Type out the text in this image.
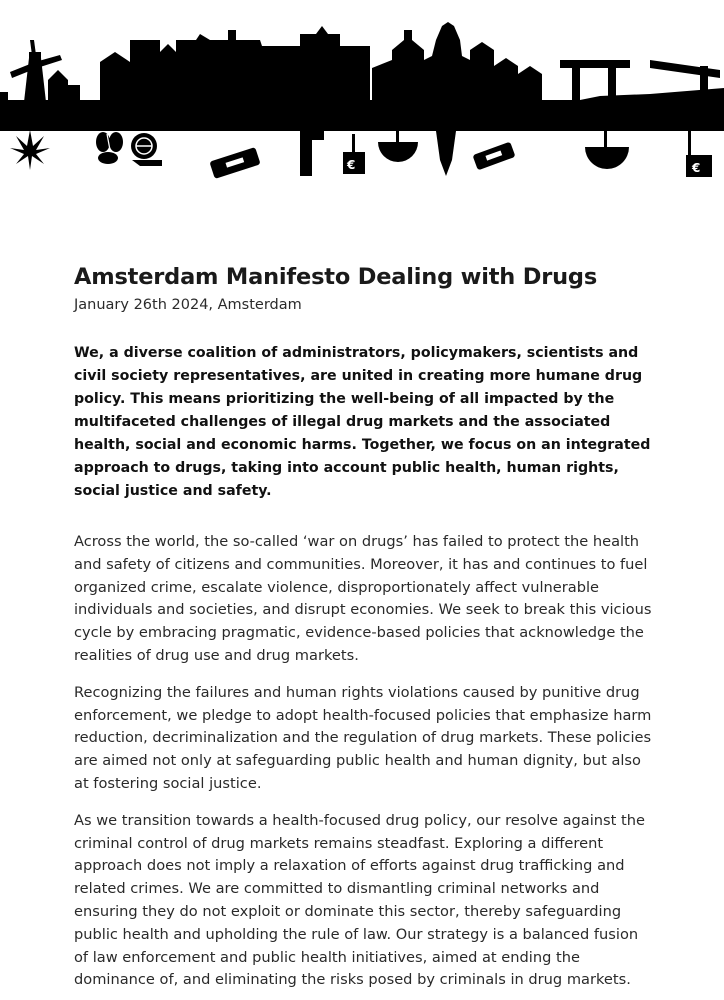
€	€
Amsterdam Manifesto Dealing with Drugs

January 26th 2024, Amsterdam

We, a diverse coalition of administrators, policymakers, scientists and civil society representatives, are united in creating more humane drug policy. This means prioritizing the well-being of all impacted by the multifaceted challenges of illegal drug markets and the associated health, social and economic harms. Together, we focus on an integrated approach to drugs, taking into account public health, human rights, social justice and safety.

Across the world, the so-called ‘war on drugs’ has failed to protect the health and safety of citizens and communities. Moreover, it has and continues to fuel organized crime, escalate violence, disproportionately affect vulnerable individuals and societies, and disrupt economies. We seek to break this vicious cycle by embracing pragmatic, evidence-based policies that acknowledge the realities of drug use and drug markets.

Recognizing the failures and human rights violations caused by punitive drug enforcement, we pledge to adopt health-focused policies that emphasize harm reduction, decriminalization and the regulation of drug markets. These policies are aimed not only at safeguarding public health and human dignity, but also at fostering social justice.

As we transition towards a health-focused drug policy, our resolve against the criminal control of drug markets remains steadfast. Exploring a different approach does not imply a relaxation of efforts against drug trafficking and related crimes. We are committed to dismantling criminal networks and ensuring they do not exploit or dominate this sector, thereby safeguarding public health and upholding the rule of law. Our strategy is a balanced fusion of law enforcement and public health initiatives, aimed at ending the dominance of, and eliminating the risks posed by criminals in drug markets.
